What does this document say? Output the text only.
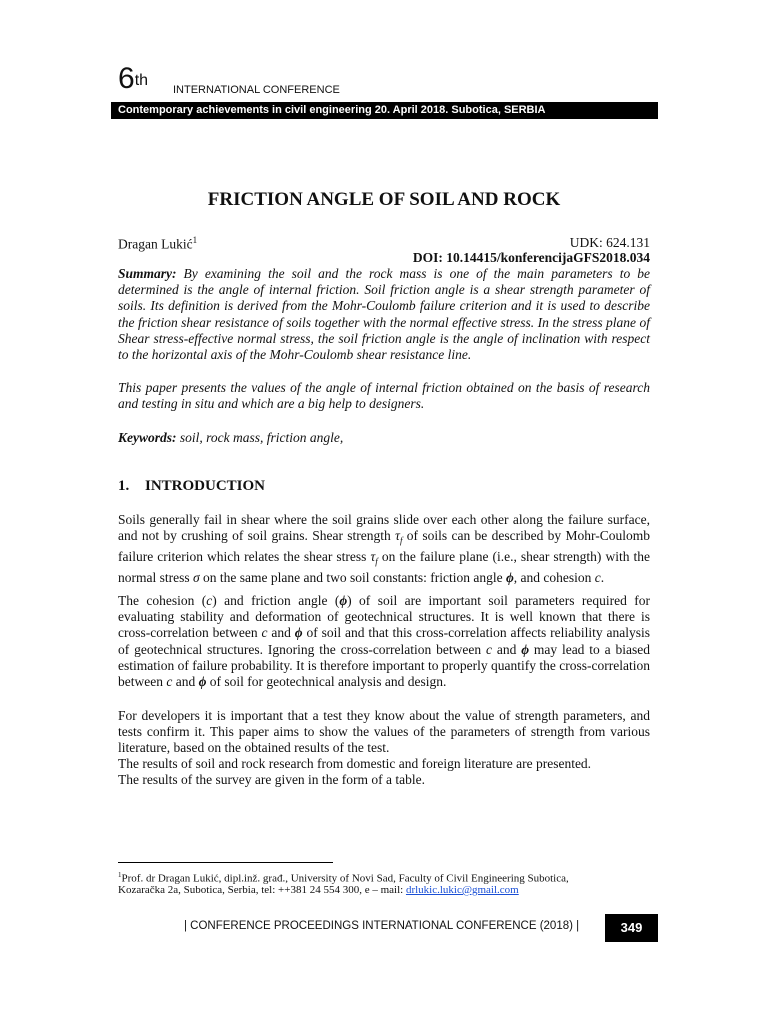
6th
INTERNATIONAL CONFERENCE
Contemporary achievements in civil engineering 20. April 2018. Subotica, SERBIA
FRICTION ANGLE OF SOIL AND ROCK
Dragan Lukić$^1$	UDK: 624.131
DOI: 10.14415/konferencijaGFS2018.034
Summary: By examining the soil and the rock mass is one of the main parameters to be determined is the angle of internal friction. Soil friction angle is a shear strength parameter of soils. Its definition is derived from the Mohr-Coulomb failure criterion and it is used to describe the friction shear resistance of soils together with the normal effective stress. In the stress plane of Shear stress-effective normal stress, the soil friction angle is the angle of inclination with respect to the horizontal axis of the Mohr-Coulomb shear resistance line.
This paper presents the values of the angle of internal friction obtained on the basis of research and testing in situ and which are a big help to designers.
Keywords: soil, rock mass, friction angle,
1. INTRODUCTION
Soils generally fail in shear where the soil grains slide over each other along the failure surface, and not by crushing of soil grains. Shear strength $\tau_f$ of soils can be described by Mohr-Coulomb failure criterion which relates the shear stress $\tau_f$ on the failure plane (i.e., shear strength) with the normal stress σ on the same plane and two soil constants: friction angle ϕ, and cohesion c.
The cohesion (c) and friction angle (ϕ) of soil are important soil parameters required for evaluating stability and deformation of geotechnical structures. It is well known that there is cross-correlation between c and ϕ of soil and that this cross-correlation affects reliability analysis of geotechnical structures. Ignoring the cross-correlation between c and ϕ may lead to a biased estimation of failure probability. It is therefore important to properly quantify the cross-correlation between c and ϕ of soil for geotechnical analysis and design.
For developers it is important that a test they know about the value of strength parameters, and tests confirm it. This paper aims to show the values of the parameters of strength from various literature, based on the obtained results of the test.
The results of soil and rock research from domestic and foreign literature are presented.
The results of the survey are given in the form of a table.
$^1$Prof. dr Dragan Lukić, dipl.inž. građ., University of Novi Sad, Faculty of Civil Engineering Subotica,
Kozaračka 2a, Subotica, Serbia, tel: ++381 24 554 300, e – mail: drlukic.lukic@gmail.com
| CONFERENCE PROCEEDINGS INTERNATIONAL CONFERENCE (2018) |	349
